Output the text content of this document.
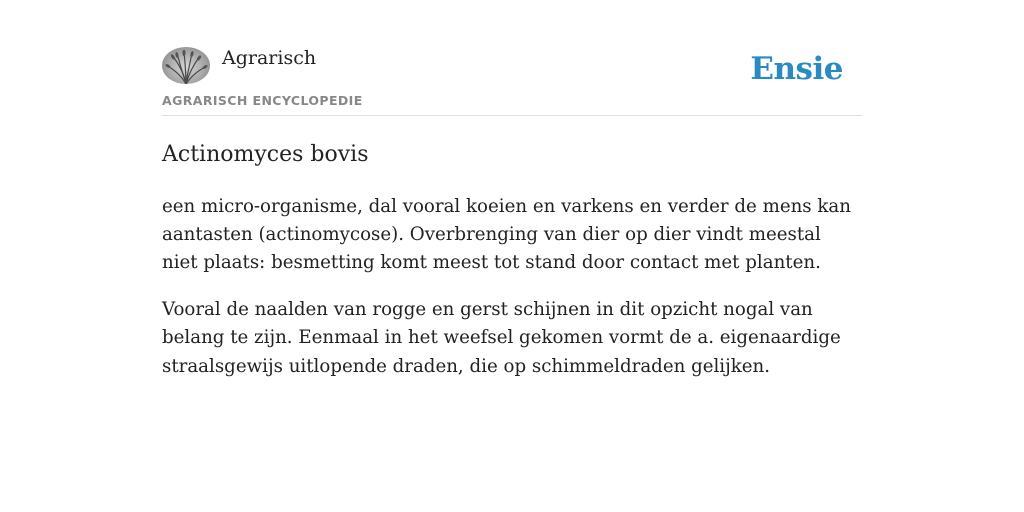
Agrarisch
AGRARISCH ENCYCLOPEDIE
Ensie
Actinomyces bovis

een micro-organisme, dal vooral koeien en varkens en verder de mens kan aantasten (actinomycose). Overbrenging van dier op dier vindt meestal niet plaats: besmetting komt meest tot stand door contact met planten.

Vooral de naalden van rogge en gerst schijnen in dit opzicht nogal van belang te zijn. Eenmaal in het weefsel gekomen vormt de a. eigenaardige straalsgewijs uitlopende draden, die op schimmeldraden gelijken.
